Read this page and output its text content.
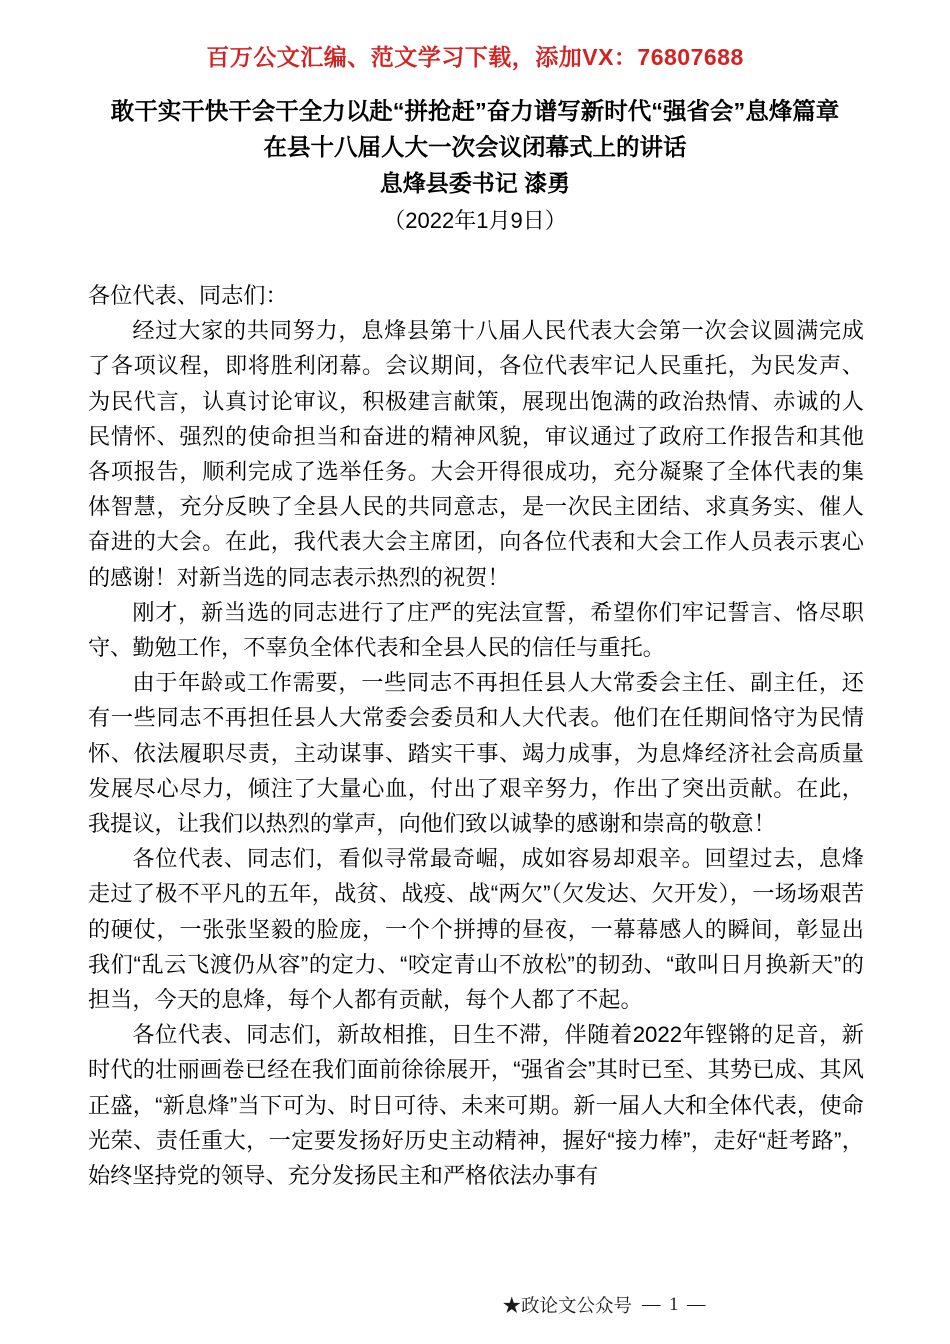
百万公文汇编、范文学习下载，添加VX：76807688
敢干实干快干会干全力以赴“拼抢赶”奋力谱写新时代“强省会”息烽篇章
在县十八届人大一次会议闭幕式上的讲话
息烽县委书记 漆勇
（2022年1月9日）

各位代表、同志们：

经过大家的共同努力，息烽县第十八届人民代表大会第一次会议圆满完成了各项议程，即将胜利闭幕。会议期间，各位代表牢记人民重托，为民发声、为民代言，认真讨论审议，积极建言献策，展现出饱满的政治热情、赤诚的人民情怀、强烈的使命担当和奋进的精神风貌，审议通过了政府工作报告和其他各项报告，顺利完成了选举任务。大会开得很成功，充分凝聚了全体代表的集体智慧，充分反映了全县人民的共同意志，是一次民主团结、求真务实、催人奋进的大会。在此，我代表大会主席团，向各位代表和大会工作人员表示衷心的感谢！对新当选的同志表示热烈的祝贺！

刚才，新当选的同志进行了庄严的宪法宣誓，希望你们牢记誓言、恪尽职守、勤勉工作，不辜负全体代表和全县人民的信任与重托。

由于年龄或工作需要，一些同志不再担任县人大常委会主任、副主任，还有一些同志不再担任县人大常委会委员和人大代表。他们在任期间恪守为民情怀、依法履职尽责，主动谋事、踏实干事、竭力成事，为息烽经济社会高质量发展尽心尽力，倾注了大量心血，付出了艰辛努力，作出了突出贡献。在此，我提议，让我们以热烈的掌声，向他们致以诚挚的感谢和崇高的敬意！

各位代表、同志们，看似寻常最奇崛，成如容易却艰辛。回望过去，息烽走过了极不平凡的五年，战贫、战疫、战“两欠”（欠发达、欠开发），一场场艰苦的硬仗，一张张坚毅的脸庞，一个个拼搏的昼夜，一幕幕感人的瞬间，彰显出我们“乱云飞渡仍从容”的定力、“咬定青山不放松”的韧劲、“敢叫日月换新天”的担当，今天的息烽，每个人都有贡献，每个人都了不起。

各位代表、同志们，新故相推，日生不滞，伴随着2022年铿锵的足音，新时代的壮丽画卷已经在我们面前徐徐展开，“强省会”其时已至、其势已成、其风正盛，“新息烽”当下可为、时日可待、未来可期。新一届人大和全体代表，使命光荣、责任重大，一定要发扬好历史主动精神，握好“接力棒”，走好“赶考路”，始终坚持党的领导、充分发扬民主和严格依法办事有

★政论文公众号 — 1 —
